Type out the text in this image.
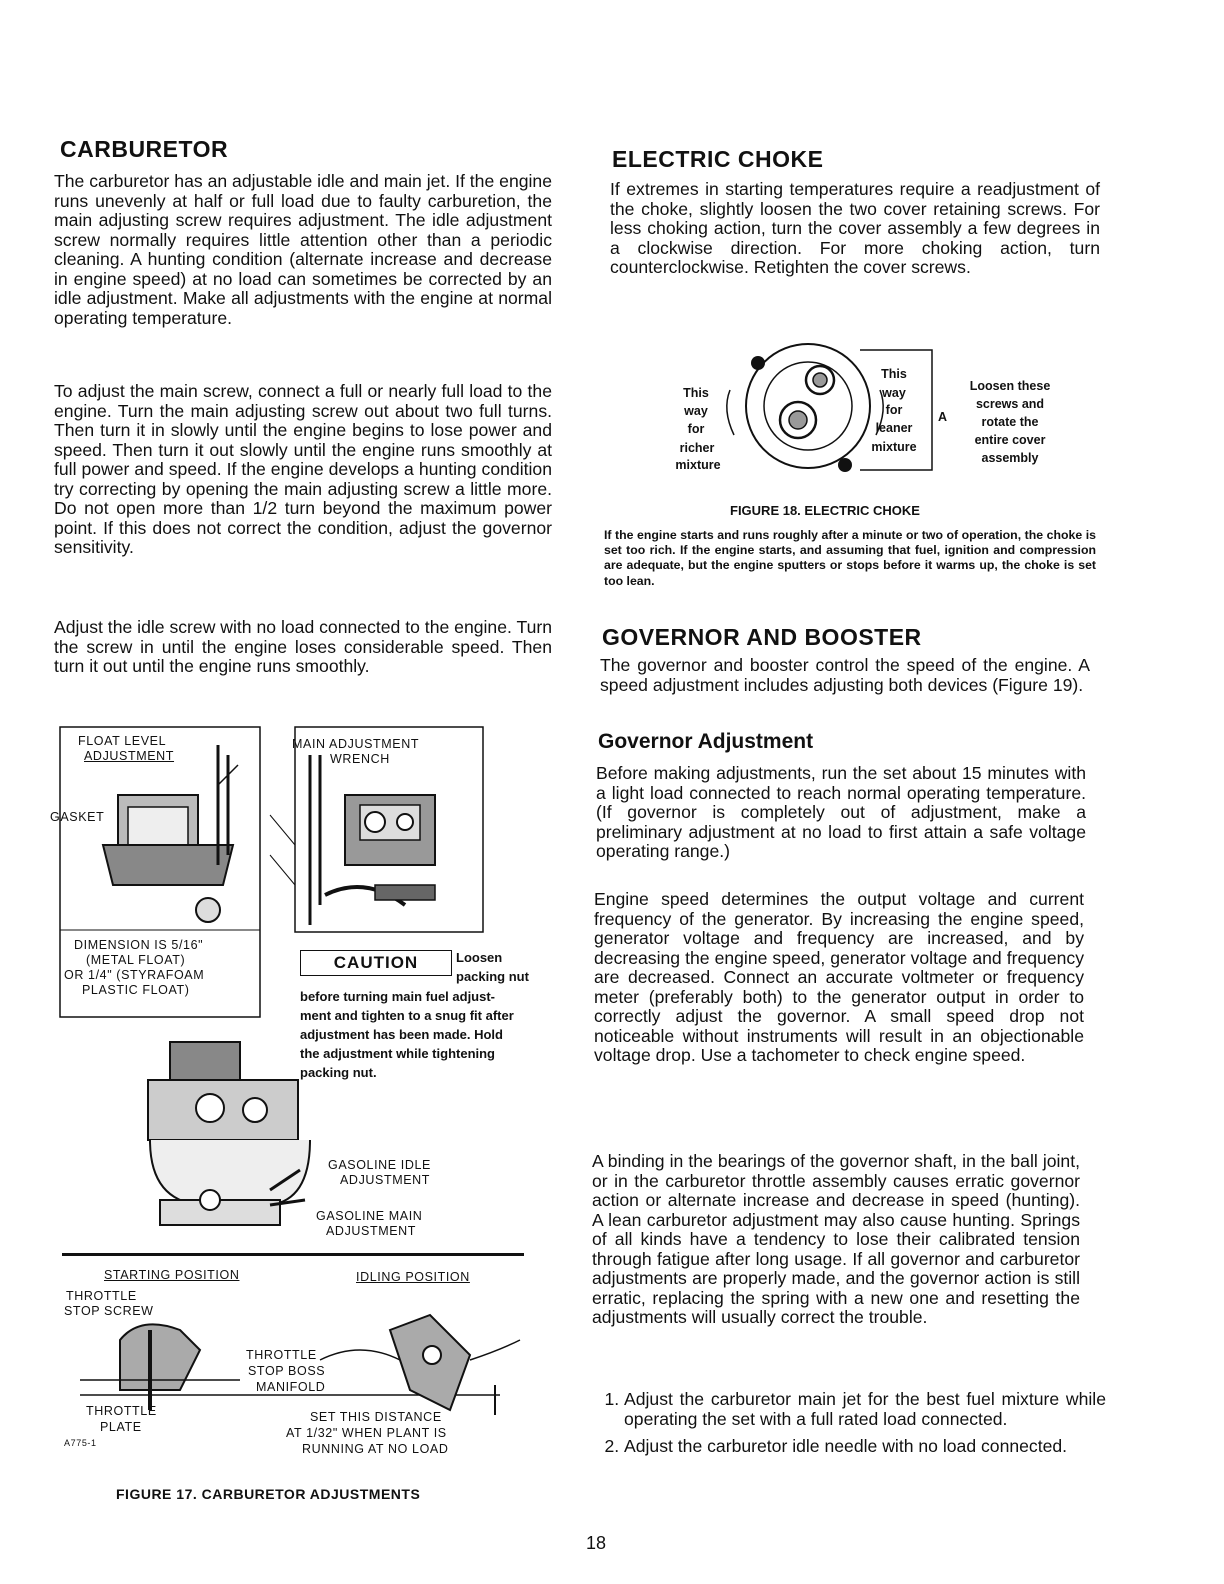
CARBURETOR
The carburetor has an adjustable idle and main jet. If the engine runs unevenly at half or full load due to faulty carburetion, the main adjusting screw requires adjustment. The idle adjustment screw normally requires little attention other than a periodic cleaning. A hunting condition (alternate increase and decrease in engine speed) at no load can sometimes be corrected by an idle adjustment. Make all adjustments with the engine at normal operating temperature.
To adjust the main screw, connect a full or nearly full load to the engine. Turn the main adjusting screw out about two full turns. Then turn it in slowly until the engine begins to lose power and speed. Then turn it out slowly until the engine runs smoothly at full power and speed. If the engine develops a hunting condition try correcting by opening the main adjusting screw a little more. Do not open more than 1/2 turn beyond the maximum power point. If this does not correct the condition, adjust the governor sensitivity.
Adjust the idle screw with no load connected to the engine. Turn the screw in until the engine loses considerable speed. Then turn it out until the engine runs smoothly.
FLOAT LEVEL
ADJUSTMENT
GASKET
DIMENSION IS 5/16"
(METAL FLOAT)
OR 1/4" (STYRAFOAM
PLASTIC FLOAT)
MAIN ADJUSTMENT
WRENCH
CAUTION	Loosen
packing nut
before turning main fuel adjust-
ment and tighten to a snug fit after
adjustment has been made. Hold
the adjustment while tightening
packing nut.
GASOLINE IDLE
ADJUSTMENT
GASOLINE MAIN
ADJUSTMENT
STARTING POSITION	IDLING POSITION
THROTTLE
STOP SCREW
THROTTLE
STOP BOSS
MANIFOLD
THROTTLE
PLATE
A775-1
SET THIS DISTANCE
AT 1/32" WHEN PLANT IS
RUNNING AT NO LOAD
FIGURE 17. CARBURETOR ADJUSTMENTS
ELECTRIC CHOKE
If extremes in starting temperatures require a readjustment of the choke, slightly loosen the two cover retaining screws. For less choking action, turn the cover assembly a few degrees in a clockwise direction. For more choking action, turn counterclockwise. Retighten the cover screws.
This
way
for
richer
mixture
This
way
for
leaner
mixture
A
Loosen these
screws and
rotate the
entire cover
assembly
FIGURE 18. ELECTRIC CHOKE
If the engine starts and runs roughly after a minute or two of operation, the choke is set too rich. If the engine starts, and assuming that fuel, ignition and compression are adequate, but the engine sputters or stops before it warms up, the choke is set too lean.
GOVERNOR AND BOOSTER
The governor and booster control the speed of the engine. A speed adjustment includes adjusting both devices (Figure 19).
Governor Adjustment
Before making adjustments, run the set about 15 minutes with a light load connected to reach normal operating temperature. (If governor is completely out of adjustment, make a preliminary adjustment at no load to first attain a safe voltage operating range.)
Engine speed determines the output voltage and current frequency of the generator. By increasing the engine speed, generator voltage and frequency are increased, and by decreasing the engine speed, generator voltage and frequency are decreased. Connect an accurate voltmeter or frequency meter (preferably both) to the generator output in order to correctly adjust the governor. A small speed drop not noticeable without instruments will result in an objectionable voltage drop. Use a tachometer to check engine speed.
A binding in the bearings of the governor shaft, in the ball joint, or in the carburetor throttle assembly causes erratic governor action or alternate increase and decrease in speed (hunting). A lean carburetor adjustment may also cause hunting. Springs of all kinds have a tendency to lose their calibrated tension through fatigue after long usage. If all governor and carburetor adjustments are properly made, and the governor action is still erratic, replacing the spring with a new one and resetting the adjustments will usually correct the trouble.
1. Adjust the carburetor main jet for the best fuel mixture while operating the set with a full rated load connected.
2. Adjust the carburetor idle needle with no load connected.
18
